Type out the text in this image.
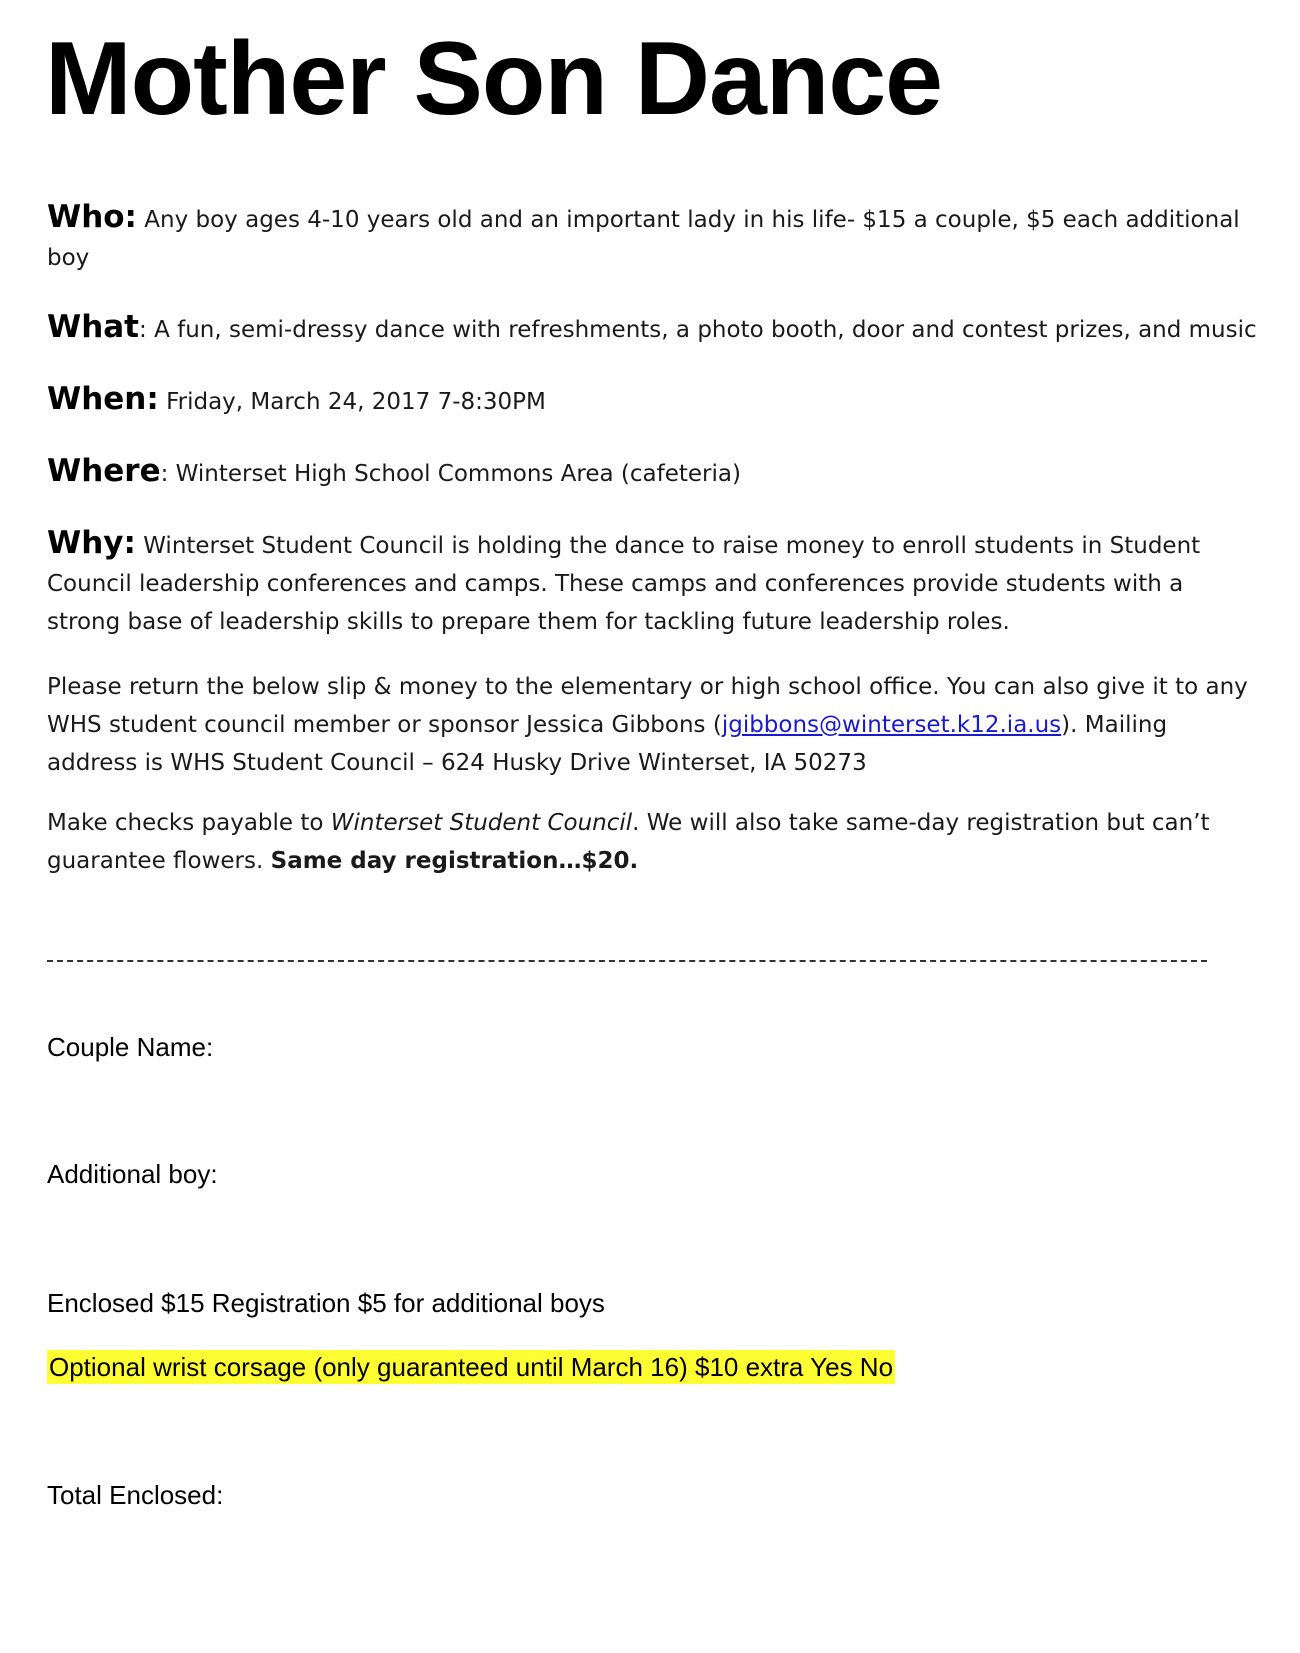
Mother Son Dance
Who: Any boy ages 4-10 years old and an important lady in his life- $15 a couple, $5 each additional boy
What: A fun, semi-dressy dance with refreshments, a photo booth, door and contest prizes, and music
When: Friday, March 24, 2017 7-8:30PM
Where: Winterset High School Commons Area (cafeteria)
Why: Winterset Student Council is holding the dance to raise money to enroll students in Student Council leadership conferences and camps. These camps and conferences provide students with a strong base of leadership skills to prepare them for tackling future leadership roles.
Please return the below slip & money to the elementary or high school office. You can also give it to any WHS student council member or sponsor Jessica Gibbons (jgibbons@winterset.k12.ia.us). Mailing address is WHS Student Council – 624 Husky Drive Winterset, IA 50273
Make checks payable to Winterset Student Council. We will also take same-day registration but can’t guarantee flowers. Same day registration…$20.
Couple Name:
Additional boy:
Enclosed $15 Registration $5 for additional boys
Optional wrist corsage (only guaranteed until March 16) $10 extra Yes No
Total Enclosed:
